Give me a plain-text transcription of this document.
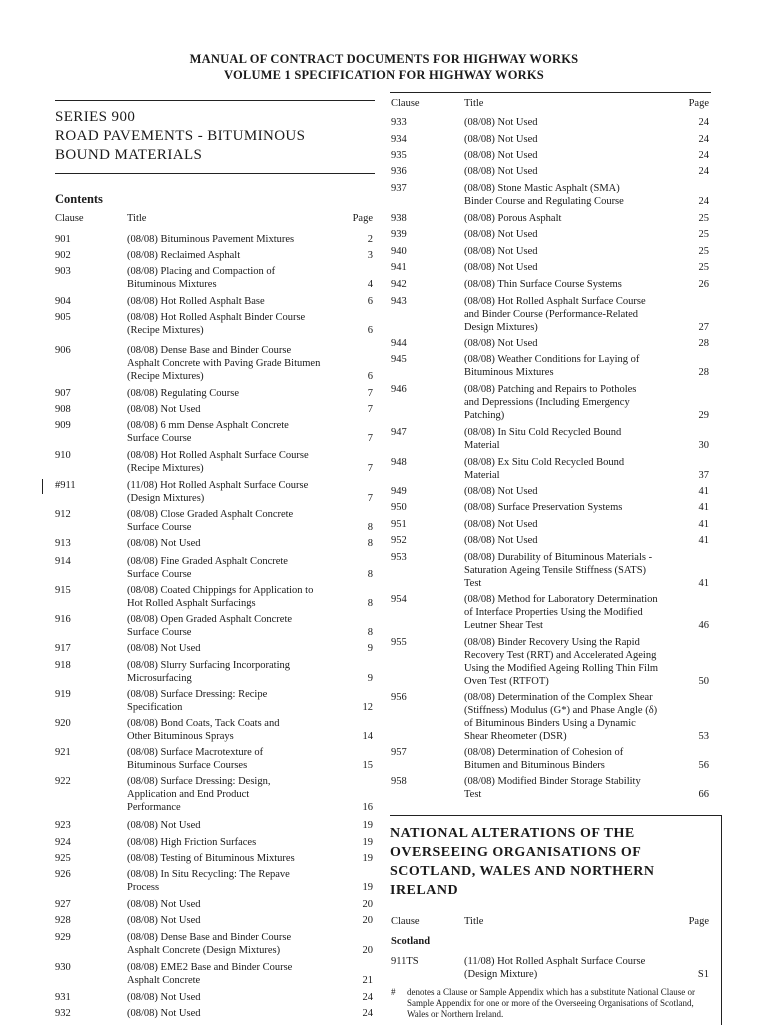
MANUAL OF CONTRACT DOCUMENTS FOR HIGHWAY WORKS
VOLUME 1 SPECIFICATION FOR HIGHWAY WORKS
SERIES 900
ROAD PAVEMENTS - BITUMINOUS
BOUND MATERIALS
Contents
Clause	Title	Page
Clause	Title	Page
901	(08/08) Bituminous Pavement Mixtures	2
902	(08/08) Reclaimed Asphalt	3
903	(08/08) Placing and Compaction of
Bituminous Mixtures	4
904	(08/08) Hot Rolled Asphalt Base	6
905	(08/08) Hot Rolled Asphalt Binder Course
(Recipe Mixtures)	6
906	(08/08) Dense Base and Binder Course
Asphalt Concrete with Paving Grade Bitumen
(Recipe Mixtures)	6
907	(08/08) Regulating Course	7
908	(08/08) Not Used	7
909	(08/08) 6 mm Dense Asphalt Concrete
Surface Course	7
910	(08/08) Hot Rolled Asphalt Surface Course
(Recipe Mixtures)	7
#911	(11/08) Hot Rolled Asphalt Surface Course
(Design Mixtures)	7
912	(08/08) Close Graded Asphalt Concrete
Surface Course	8
913	(08/08) Not Used	8
914	(08/08) Fine Graded Asphalt Concrete
Surface Course	8
915	(08/08) Coated Chippings for Application to
Hot Rolled Asphalt Surfacings	8
916	(08/08) Open Graded Asphalt Concrete
Surface Course	8
917	(08/08) Not Used	9
918	(08/08) Slurry Surfacing Incorporating
Microsurfacing	9
919	(08/08) Surface Dressing: Recipe
Specification	12
920	(08/08) Bond Coats, Tack Coats and
Other Bituminous Sprays	14
921	(08/08) Surface Macrotexture of
Bituminous Surface Courses	15
922	(08/08) Surface Dressing: Design,
Application and End Product
Performance	16
923	(08/08) Not Used	19
924	(08/08) High Friction Surfaces	19
925	(08/08) Testing of Bituminous Mixtures	19
926	(08/08) In Situ Recycling: The Repave
Process	19
927	(08/08) Not Used	20
928	(08/08) Not Used	20
929	(08/08) Dense Base and Binder Course
Asphalt Concrete (Design Mixtures)	20
930	(08/08) EME2 Base and Binder Course
Asphalt Concrete	21
931	(08/08) Not Used	24
932	(08/08) Not Used	24
933	(08/08) Not Used	24
934	(08/08) Not Used	24
935	(08/08) Not Used	24
936	(08/08) Not Used	24
937	(08/08) Stone Mastic Asphalt (SMA)
Binder Course and Regulating Course	24
938	(08/08) Porous Asphalt	25
939	(08/08) Not Used	25
940	(08/08) Not Used	25
941	(08/08) Not Used	25
942	(08/08) Thin Surface Course Systems	26
943	(08/08) Hot Rolled Asphalt Surface Course
and Binder Course (Performance-Related
Design Mixtures)	27
944	(08/08) Not Used	28
945	(08/08) Weather Conditions for Laying of
Bituminous Mixtures	28
946	(08/08) Patching and Repairs to Potholes
and Depressions (Including Emergency
Patching)	29
947	(08/08) In Situ Cold Recycled Bound
Material	30
948	(08/08) Ex Situ Cold Recycled Bound
Material	37
949	(08/08) Not Used	41
950	(08/08) Surface Preservation Systems	41
951	(08/08) Not Used	41
952	(08/08) Not Used	41
953	(08/08) Durability of Bituminous Materials -
Saturation Ageing Tensile Stiffness (SATS)
Test	41
954	(08/08) Method for Laboratory Determination
of Interface Properties Using the Modified
Leutner Shear Test	46
955	(08/08) Binder Recovery Using the Rapid
Recovery Test (RRT) and Accelerated Ageing
Using the Modified Ageing Rolling Thin Film
Oven Test (RTFOT)	50
956	(08/08) Determination of the Complex Shear
(Stiffness) Modulus (G*) and Phase Angle (δ)
of Bituminous Binders Using a Dynamic
Shear Rheometer (DSR)	53
957	(08/08) Determination of Cohesion of
Bitumen and Bituminous Binders	56
958	(08/08) Modified Binder Storage Stability
Test	66
NATIONAL ALTERATIONS OF THE
OVERSEEING ORGANISATIONS OF
SCOTLAND, WALES AND NORTHERN
IRELAND
Clause	Title	Page
Scotland
911TS	(11/08) Hot Rolled Asphalt Surface Course
(Design Mixture)	S1
# denotes a Clause or Sample Appendix which has a substitute National Clause or Sample Appendix for one or more of the Overseeing Organisations of Scotland, Wales or Northern Ireland.
